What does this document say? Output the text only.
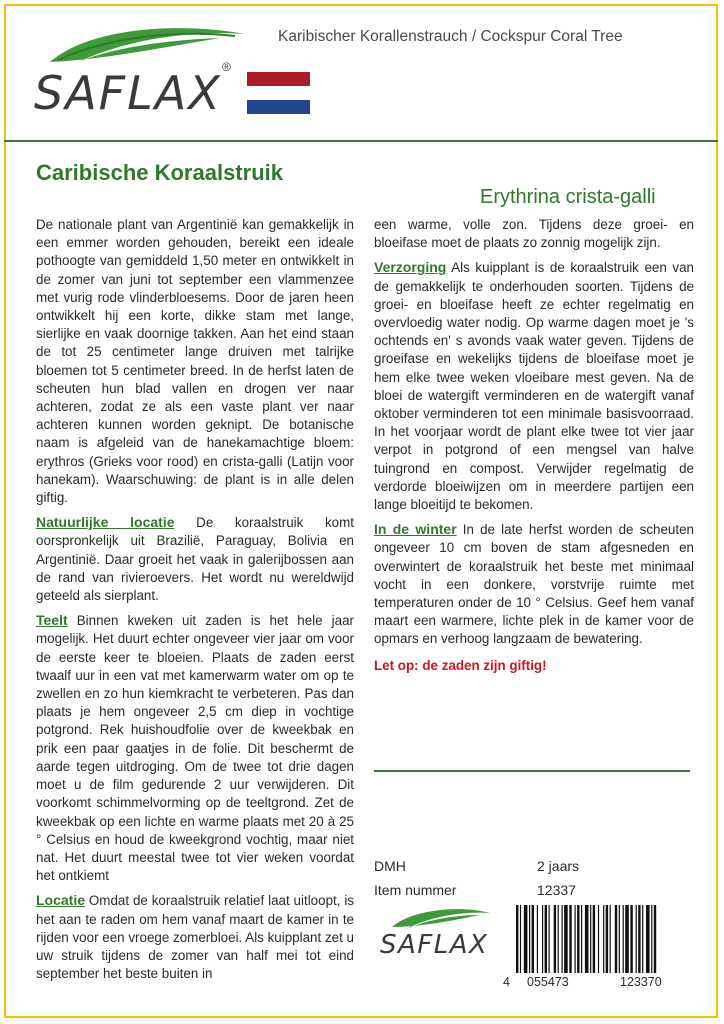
SAFLAX ®
Karibischer Korallenstrauch / Cockspur Coral Tree
Caribische Koraalstruik
Erythrina crista-galli

De nationale plant van Argentinië kan gemakkelijk in een emmer worden gehouden, bereikt een ideale pothoogte van gemiddeld 1,50 meter en ontwikkelt in de zomer van juni tot september een vlammenzee met vurig rode vlinderbloesems. Door de jaren heen ontwikkelt hij een korte, dikke stam met lange, sierlijke en vaak doornige takken. Aan het eind staan de tot 25 centimeter lange druiven met talrijke bloemen tot 5 centimeter breed. In de herfst laten de scheuten hun blad vallen en drogen ver naar achteren, zodat ze als een vaste plant ver naar achteren kunnen worden geknipt. De botanische naam is afgeleid van de hanekamachtige bloem: erythros (Grieks voor rood) en crista-galli (Latijn voor hanekam). Waarschuwing: de plant is in alle delen giftig.

Natuurlijke locatie De koraalstruik komt oorspronkelijk uit Brazilië, Paraguay, Bolivia en Argentinië. Daar groeit het vaak in galerijbossen aan de rand van rivieroevers. Het wordt nu wereldwijd geteeld als sierplant.

Teelt Binnen kweken uit zaden is het hele jaar mogelijk. Het duurt echter ongeveer vier jaar om voor de eerste keer te bloeien. Plaats de zaden eerst twaalf uur in een vat met kamerwarm water om op te zwellen en zo hun kiemkracht te verbeteren. Pas dan plaats je hem ongeveer 2,5 cm diep in vochtige potgrond. Rek huishoudfolie over de kweekbak en prik een paar gaatjes in de folie. Dit beschermt de aarde tegen uitdroging. Om de twee tot drie dagen moet u de film gedurende 2 uur verwijderen. Dit voorkomt schimmelvorming op de teeltgrond. Zet de kweekbak op een lichte en warme plaats met 20 à 25 ° Celsius en houd de kweekgrond vochtig, maar niet nat. Het duurt meestal twee tot vier weken voordat het ontkiemt

Locatie Omdat de koraalstruik relatief laat uitloopt, is het aan te raden om hem vanaf maart de kamer in te rijden voor een vroege zomerbloei. Als kuipplant zet u uw struik tijdens de zomer van half mei tot eind september het beste buiten in

een warme, volle zon. Tijdens deze groei- en bloeifase moet de plaats zo zonnig mogelijk zijn.

Verzorging Als kuipplant is de koraalstruik een van de gemakkelijk te onderhouden soorten. Tijdens de groei- en bloeifase heeft ze echter regelmatig en overvloedig water nodig. Op warme dagen moet je 's ochtends en' s avonds vaak water geven. Tijdens de groeifase en wekelijks tijdens de bloeifase moet je hem elke twee weken vloeibare mest geven. Na de bloei de watergift verminderen en de watergift vanaf oktober verminderen tot een minimale basisvoorraad. In het voorjaar wordt de plant elke twee tot vier jaar verpot in potgrond of een mengsel van halve tuingrond en compost. Verwijder regelmatig de verdorde bloeiwijzen om in meerdere partijen een lange bloeitijd te bekomen.

In de winter In de late herfst worden de scheuten ongeveer 10 cm boven de stam afgesneden en overwintert de koraalstruik het beste met minimaal vocht in een donkere, vorstvrije ruimte met temperaturen onder de 10 ° Celsius. Geef hem vanaf maart een warmere, lichte plek in de kamer voor de opmars en verhoog langzaam de bewatering.

Let op: de zaden zijn giftig!

DMH	2 jaars
Item nummer	12337
SAFLAX
4 055473	123370
